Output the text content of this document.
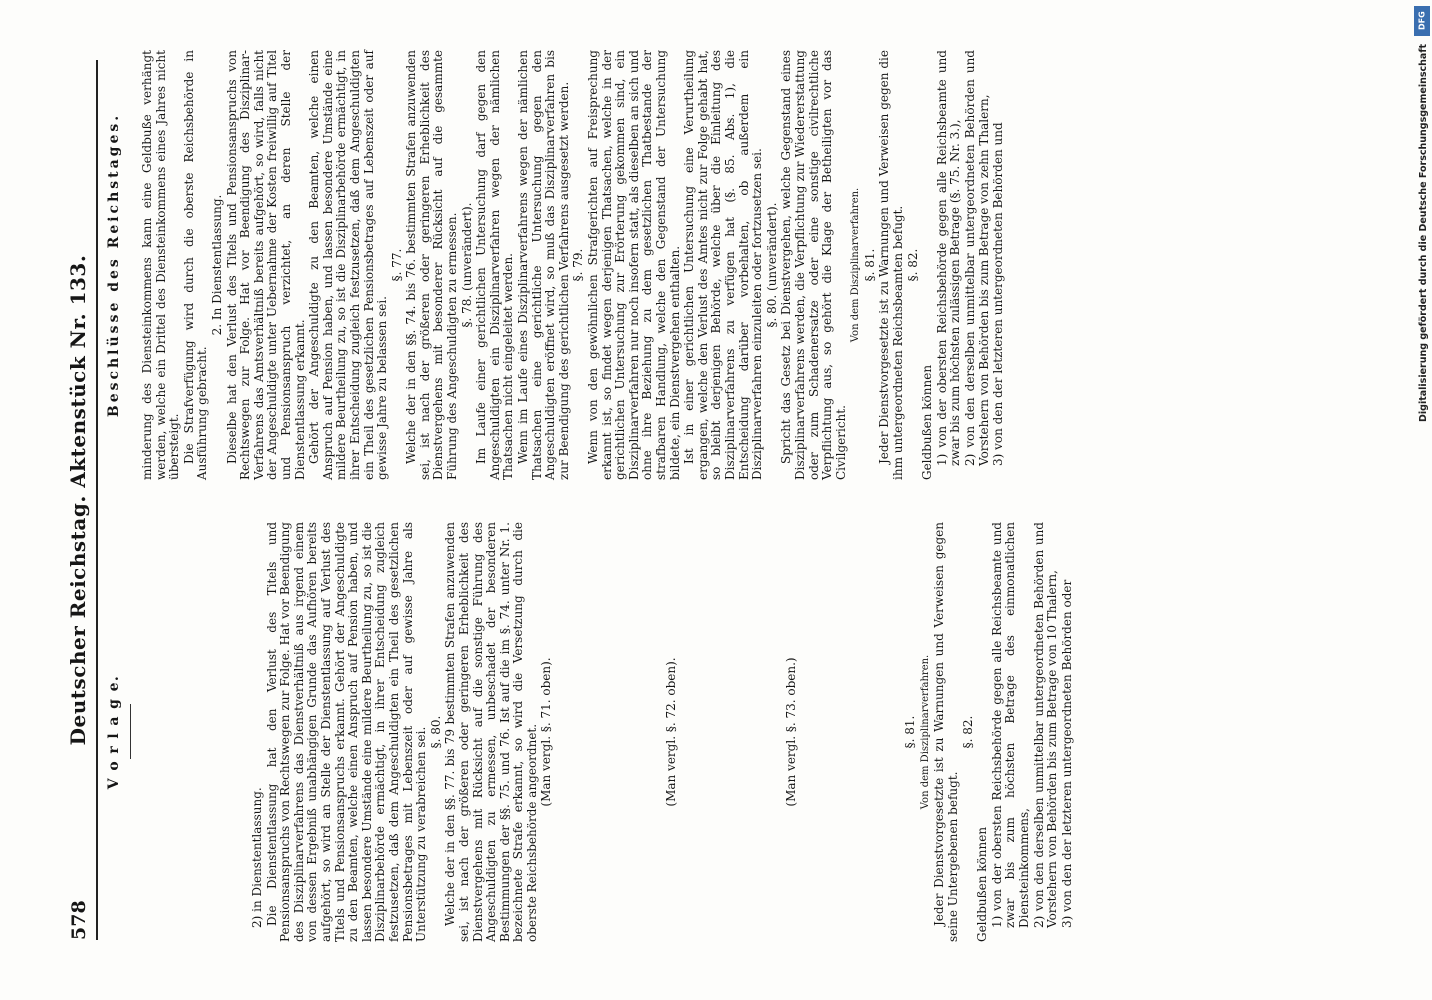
578
Deutscher Reichstag. Aktenstück Nr. 133. V o r l a g e.

2) in Dienstentlassung. Die Dienstentlassung hat den Verlust des Titels und Pensionsanspruchs von Rechtswegen zur Folge. Hat vor Beendigung des Disziplinarverfahrens das Dienstverhältniß aus irgend einem von dessen Ergebniß unabhängigen Grunde das Aufhören bereits aufgehört, so wird an Stelle der Dienstentlassung auf Verlust des Titels und Pensionsanspruchs erkannt. Gehört der Angeschuldigte zu den Beamten, welche einen Anspruch auf Pension haben, und lassen besondere Umstände eine mildere Beurtheilung zu, so ist die Disziplinarbehörde ermächtigt, in ihrer Entscheidung zugleich festzusetzen, daß dem Angeschuldigten ein Theil des gesetzlichen Pensionsbetrages mit Lebenszeit oder auf gewisse Jahre als Unterstützung zu verabreichen sei. §. 80. Welche der in den §§. 77. bis 79 bestimmten Strafen anzuwenden sei, ist nach der größeren oder geringeren Erheblichkeit des Dienstvergehens mit Rücksicht auf die sonstige Führung des Angeschuldigten zu ermessen, unbeschadet der besonderen Bestimmungen der §§. 75. und 76. Ist auf die im §. 74. unter Nr. 1. bezeichnete Strafe erkannt, so wird die Versetzung durch die oberste Reichsbehörde angeordnet. (Man vergl. §. 71. oben).	(Man vergl. §. 72. oben).	(Man vergl. §. 73. oben.)	§. 81. Von dem Disziplinarverfahren. Jeder Dienstvorgesetzte ist zu Warnungen und Verweisen gegen seine Untergebenen befugt.

§. 82.

Geldbußen können 1) von der obersten Reichsbehörde gegen alle Reichsbeamte und zwar bis zum höchsten Betrage des einmonatlichen Diensteinkommens, 2) von den derselben unmittelbar untergeordneten Behörden und Vorstehern von Behörden bis zum Betrage von 10 Thalern, 3) von den der letzteren untergeordneten Behörden oder

Beschlüsse des Reichstages. minderung des Diensteinkommens kann eine Geldbuße verhängt werden, welche ein Drittel des Diensteinkommens eines Jahres nicht übersteigt. Die Strafverfügung wird durch die oberste Reichsbehörde in Ausführung gebracht.

2. In Dienstentlassung. Dieselbe hat den Verlust des Titels und Pensionsanspruchs von Rechtswegen zur Folge. Hat vor Beendigung des Disziplinar-Verfahrens das Amtsverhältniß bereits aufgehört, so wird, falls nicht der Angeschuldigte unter Uebernahme der Kosten freiwillig auf Titel und Pensionsanspruch verzichtet, an deren Stelle der Dienstentlassung erkannt. Gehört der Angeschuldigte zu den Beamten, welche einen Anspruch auf Pension haben, und lassen besondere Umstände eine mildere Beurtheilung zu, so ist die Disziplinarbehörde ermächtigt, in ihrer Entscheidung zugleich festzusetzen, daß dem Angeschuldigten ein Theil des gesetzlichen Pensionsbetrages auf Lebenszeit oder auf gewisse Jahre zu belassen sei.

§. 77. Welche der in den §§. 74. bis 76. bestimmten Strafen anzuwenden sei, ist nach der größeren oder geringeren Erheblichkeit des Dienstvergehens mit besonderer Rücksicht auf die gesammte Führung des Angeschuldigten zu ermessen. §. 78. (unverändert). Im Laufe einer gerichtlichen Untersuchung darf gegen den Angeschuldigten ein Disziplinarverfahren wegen der nämlichen Thatsachen nicht eingeleitet werden. Wenn im Laufe eines Disziplinarverfahrens wegen der nämlichen Thatsachen eine gerichtliche Untersuchung gegen den Angeschuldigten eröffnet wird, so muß das Disziplinarverfahren bis zur Beendigung des gerichtlichen Verfahrens ausgesetzt werden. §. 79. Wenn von den gewöhnlichen Strafgerichten auf Freisprechung erkannt ist, so findet wegen derjenigen Thatsachen, welche in der gerichtlichen Untersuchung zur Erörterung gekommen sind, ein Disziplinarverfahren nur noch insofern statt, als dieselben an sich und ohne ihre Beziehung zu dem gesetzlichen Thatbestande der strafbaren Handlung, welche den Gegenstand der Untersuchung bildete, ein Dienstvergehen enthalten. Ist in einer gerichtlichen Untersuchung eine Verurtheilung ergangen, welche den Verlust des Amtes nicht zur Folge gehabt hat, so bleibt derjenigen Behörde, welche über die Einleitung des Disziplinarverfahrens zu verfügen hat (§. 85. Abs. 1), die Entscheidung darüber vorbehalten, ob außerdem ein Disziplinarverfahren einzuleiten oder fortzusetzen sei. §. 80. (unverändert). Spricht das Gesetz bei Dienstvergehen, welche Gegenstand eines Disziplinarverfahrens werden, die Verpflichtung zur Wiedererstattung oder zum Schadenersatze oder eine sonstige civilrechtliche Verpflichtung aus, so gehört die Klage der Betheiligten vor das Civilgericht.

Von dem Disziplinarverfahren. §. 81. Jeder Dienstvorgesetzte ist zu Warnungen und Verweisen gegen die ihm untergeordneten Reichsbeamten befugt. §. 82.

Geldbußen können 1) von der obersten Reichsbehörde gegen alle Reichsbeamte und zwar bis zum höchsten zulässigen Betrage (§. 75. Nr. 3.), 2) von den derselben unmittelbar untergeordneten Behörden und Vorstehern von Behörden bis zum Betrage von zehn Thalern, 3) von den der letzteren untergeordneten Behörden und

DFG
Digitalisierung gefördert durch die Deutsche Forschungsgemeinschaft
